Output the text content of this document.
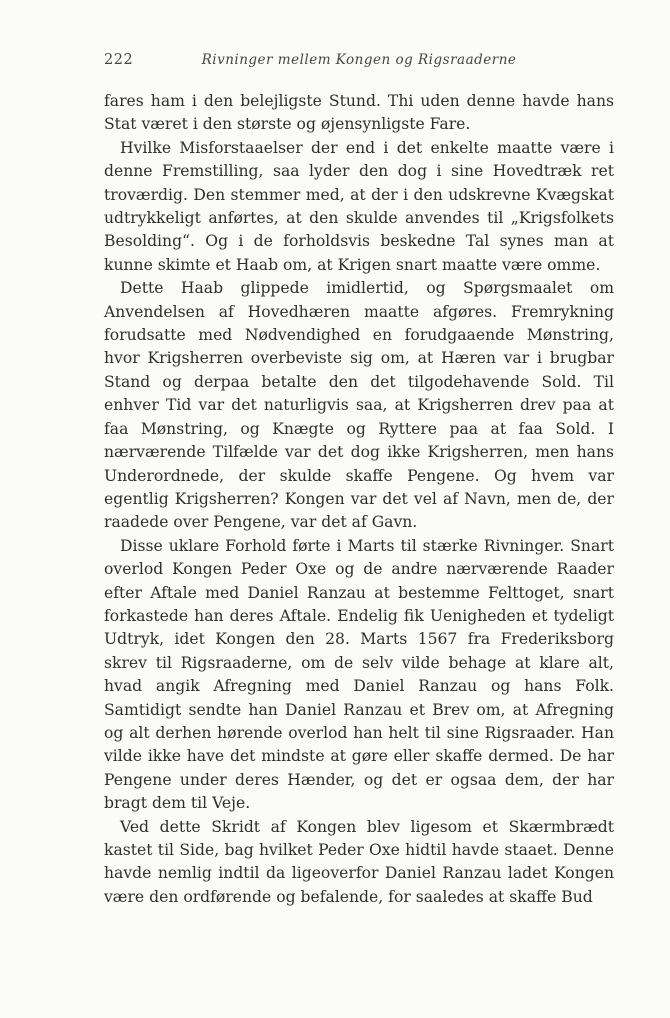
222	Rivninger mellem Kongen og Rigsraaderne

fares ham i den belejligste Stund. Thi uden denne havde hans Stat været i den største og øjensynligste Fare.

Hvilke Misforstaaelser der end i det enkelte maatte være i denne Fremstilling, saa lyder den dog i sine Hovedtræk ret troværdig. Den stemmer med, at der i den udskrevne Kvægskat udtrykkeligt anførtes, at den skulde anvendes til „Krigsfolkets Besolding“. Og i de forholdsvis beskedne Tal synes man at kunne skimte et Haab om, at Krigen snart maatte være omme.

Dette Haab glippede imidlertid, og Spørgsmaalet om Anvendelsen af Hovedhæren maatte afgøres. Fremrykning forudsatte med Nødvendighed en forudgaaende Mønstring, hvor Krigsherren overbeviste sig om, at Hæren var i brugbar Stand og derpaa betalte den det tilgodehavende Sold. Til enhver Tid var det naturligvis saa, at Krigsherren drev paa at faa Mønstring, og Knægte og Ryttere paa at faa Sold. I nærværende Tilfælde var det dog ikke Krigsherren, men hans Underordnede, der skulde skaffe Pengene. Og hvem var egentlig Krigsherren? Kongen var det vel af Navn, men de, der raadede over Pengene, var det af Gavn.

Disse uklare Forhold førte i Marts til stærke Rivninger. Snart overlod Kongen Peder Oxe og de andre nærværende Raader efter Aftale med Daniel Ranzau at bestemme Felttoget, snart forkastede han deres Aftale. Endelig fik Uenigheden et tydeligt Udtryk, idet Kongen den 28. Marts 1567 fra Frederiksborg skrev til Rigsraaderne, om de selv vilde behage at klare alt, hvad angik Afregning med Daniel Ranzau og hans Folk. Samtidigt sendte han Daniel Ranzau et Brev om, at Afregning og alt derhen hørende overlod han helt til sine Rigsraader. Han vilde ikke have det mindste at gøre eller skaffe dermed. De har Pengene under deres Hænder, og det er ogsaa dem, der har bragt dem til Veje.

Ved dette Skridt af Kongen blev ligesom et Skærmbrædt kastet til Side, bag hvilket Peder Oxe hidtil havde staaet. Denne havde nemlig indtil da ligeoverfor Daniel Ranzau ladet Kongen være den ordførende og befalende, for saaledes at skaffe Bud
